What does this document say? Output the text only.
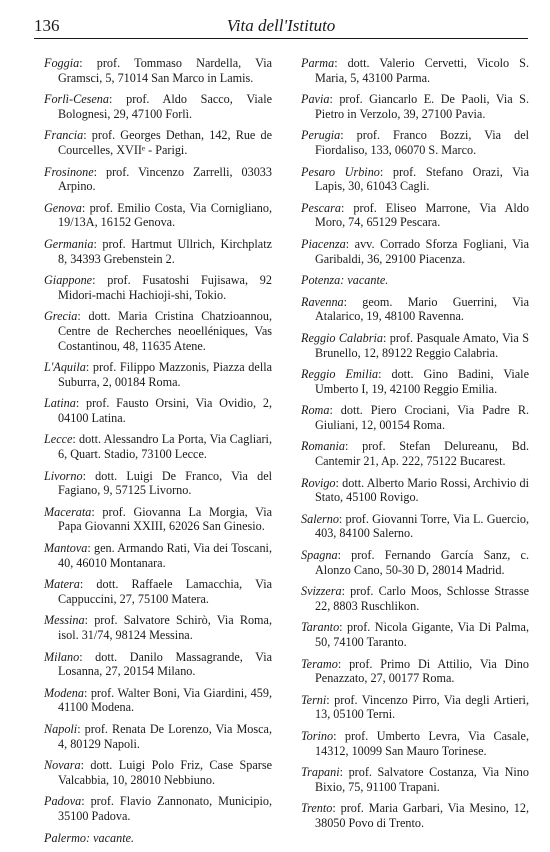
136	Vita dell'Istituto

Foggia: prof. Tommaso Nardella, Via Gramsci, 5, 71014 San Marco in Lamis.

Forlì-Cesena: prof. Aldo Sacco, Viale Bolognesi, 29, 47100 Forlì.

Francia: prof. Georges Dethan, 142, Rue de Courcelles, XVIIᵉ - Parigi.

Frosinone: prof. Vincenzo Zarrelli, 03033 Arpino.

Genova: prof. Emilio Costa, Via Corniglianо, 19/13A, 16152 Genova.

Germania: prof. Hartmut Ullrich, Kirchplatz 8, 34393 Grebenstein 2.

Giappone: prof. Fusatoshi Fujisawa, 92 Midori-machi Hachioji-shi, Tokio.

Grecia: dott. Maria Cristina Chatzioannou, Centre de Recherches neoelléniques, Vas Costantinou, 48, 11635 Atene.

L'Aquila: prof. Filippo Mazzonis, Piazza della Suburra, 2, 00184 Roma.

Latina: prof. Fausto Orsini, Via Ovidio, 2, 04100 Latina.

Lecce: dott. Alessandro La Porta, Via Cagliari, 6, Quart. Stadio, 73100 Lecce.

Livorno: dott. Luigi De Franco, Via del Fagiano, 9, 57125 Livorno.

Macerata: prof. Giovanna La Morgia, Via Papa Giovanni XXIII, 62026 San Ginesio.

Mantova: gen. Armando Rati, Via dei Toscani, 40, 46010 Montanara.

Matera: dott. Raffaele Lamacchia, Via Cappuccini, 27, 75100 Matera.

Messina: prof. Salvatore Schirò, Via Roma, isol. 31/74, 98124 Messina.

Milano: dott. Danilo Massagrande, Via Losanna, 27, 20154 Milano.

Modena: prof. Walter Boni, Via Giardini, 459, 41100 Modena.

Napoli: prof. Renata De Lorenzo, Via Mosca, 4, 80129 Napoli.

Novara: dott. Luigi Polo Friz, Case Sparse Valcabbia, 10, 28010 Nebbiuno.

Padova: prof. Flavio Zannonato, Municipio, 35100 Padova.

Palermo: vacante.

Parma: dott. Valerio Cervetti, Vicolo S. Maria, 5, 43100 Parma.

Pavia: prof. Giancarlo E. De Paoli, Via S. Pietro in Verzolo, 39, 27100 Pavia.

Perugia: prof. Franco Bozzi, Via del Fiordaliso, 133, 06070 S. Marco.

Pesaro Urbino: prof. Stefano Orazi, Via Lapis, 30, 61043 Cagli.

Pescara: prof. Eliseo Marrone, Via Aldo Moro, 74, 65129 Pescara.

Piacenza: avv. Corrado Sforza Fogliani, Via Garibaldi, 36, 29100 Piacenza.

Potenza: vacante.

Ravenna: geom. Mario Guerrini, Via Atalarico, 19, 48100 Ravenna.

Reggio Calabria: prof. Pasquale Amato, Via S Brunello, 12, 89122 Reggio Calabria.

Reggio Emilia: dott. Gino Badini, Viale Umberto I, 19, 42100 Reggio Emilia.

Roma: dott. Piero Crociani, Via Padre R. Giuliani, 12, 00154 Roma.

Romania: prof. Stefan Delureanu, Bd. Cantemir 21, Ap. 222, 75122 Bucarest.

Rovigo: dott. Alberto Mario Rossi, Archivio di Stato, 45100 Rovigo.

Salerno: prof. Giovanni Torre, Via L. Guercio, 403, 84100 Salerno.

Spagna: prof. Fernando García Sanz, c. Alonzo Cano, 50-30 D, 28014 Madrid.

Svizzera: prof. Carlo Moos, Schlosse Strasse 22, 8803 Ruschlikon.

Taranto: prof. Nicola Gigante, Via Di Palma, 50, 74100 Taranto.

Teramo: prof. Primo Di Attilio, Via Dino Penazzato, 27, 00177 Roma.

Terni: prof. Vincenzo Pirro, Via degli Artieri, 13, 05100 Terni.

Torino: prof. Umberto Levra, Via Casale, 14312, 10099 San Mauro Torinese.

Trapani: prof. Salvatore Costanza, Via Nino Bixio, 75, 91100 Trapani.

Trento: prof. Maria Garbari, Via Mesino, 12, 38050 Povo di Trento.
